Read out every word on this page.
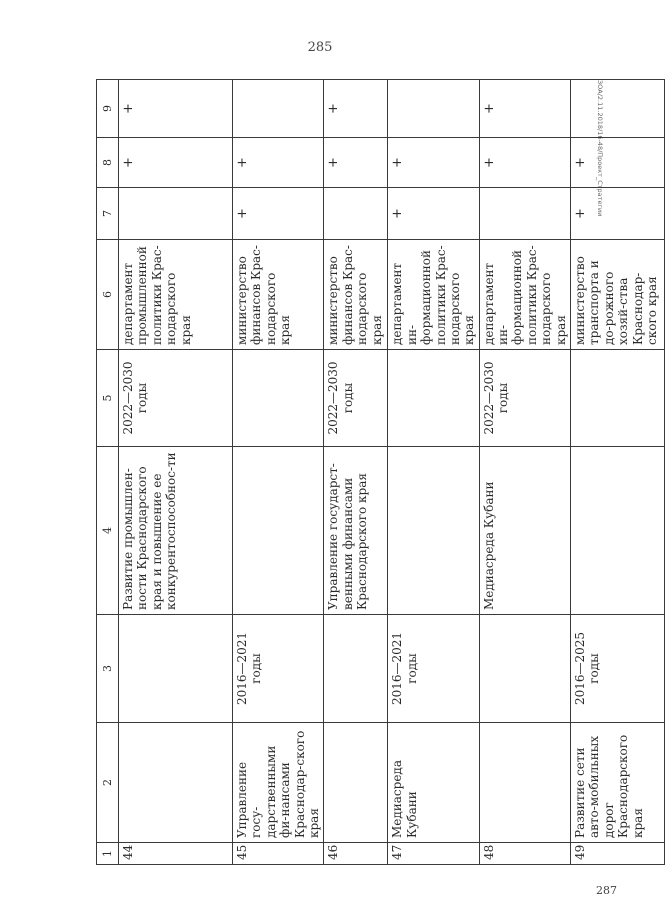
285
ЗОА/2.11.2018/16-48/Проект_Стратегии
287
1	2	3	4	5	6	7	8	9
44			Развитие промышлен-ности Краснодарского края и повышение ее конкурентоспособнос-ти	2022—2030 годы	департамент промышленной политики Крас-нодарского края		+	+
45	Управление госу-дарственными фи-нансами Краснодар-ского края	2016—2021 годы			министерство финансов Крас-нодарского края	+	+	
46			Управление государст-венными финансами Краснодарского края	2022—2030 годы	министерство финансов Крас-нодарского края		+	+
47	Медиасреда Кубани	2016—2021 годы			департамент ин-формационной политики Крас-нодарского края	+	+	
48			Медиасреда Кубани	2022—2030 годы	департамент ин-формационной политики Крас-нодарского края		+	+
49	Развитие сети авто-мобильных дорог Краснодарского края	2016—2025 годы			министерство транспорта и до-рожного хозяй-ства Краснодар-ского края	+	+	
